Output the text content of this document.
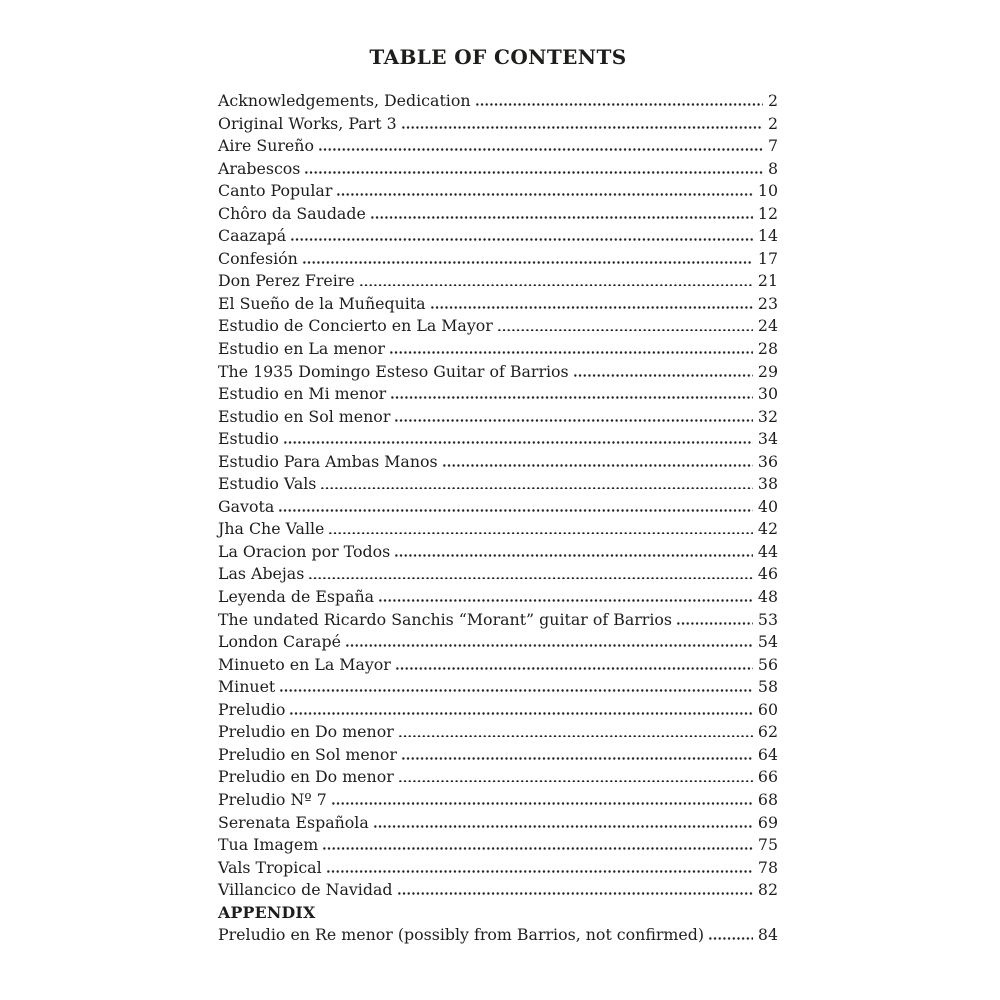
TABLE OF CONTENTS
Acknowledgements, Dedication	2
Original Works, Part 3	2
Aire Sureño	7
Arabescos	8
Canto Popular	10
Chôro da Saudade	12
Caazapá	14
Confesión	17
Don Perez Freire	21
El Sueño de la Muñequita	23
Estudio de Concierto en La Mayor	24
Estudio en La menor	28
The 1935 Domingo Esteso Guitar of Barrios	29
Estudio en Mi menor	30
Estudio en Sol menor	32
Estudio	34
Estudio Para Ambas Manos	36
Estudio Vals	38
Gavota	40
Jha Che Valle	42
La Oracion por Todos	44
Las Abejas	46
Leyenda de España	48
The undated Ricardo Sanchis “Morant” guitar of Barrios	53
London Carapé	54
Minueto en La Mayor	56
Minuet	58
Preludio	60
Preludio en Do menor	62
Preludio en Sol menor	64
Preludio en Do menor	66
Preludio Nº 7	68
Serenata Española	69
Tua Imagem	75
Vals Tropical	78
Villancico de Navidad	82
APPENDIX
Preludio en Re menor (possibly from Barrios, not confirmed)	84
